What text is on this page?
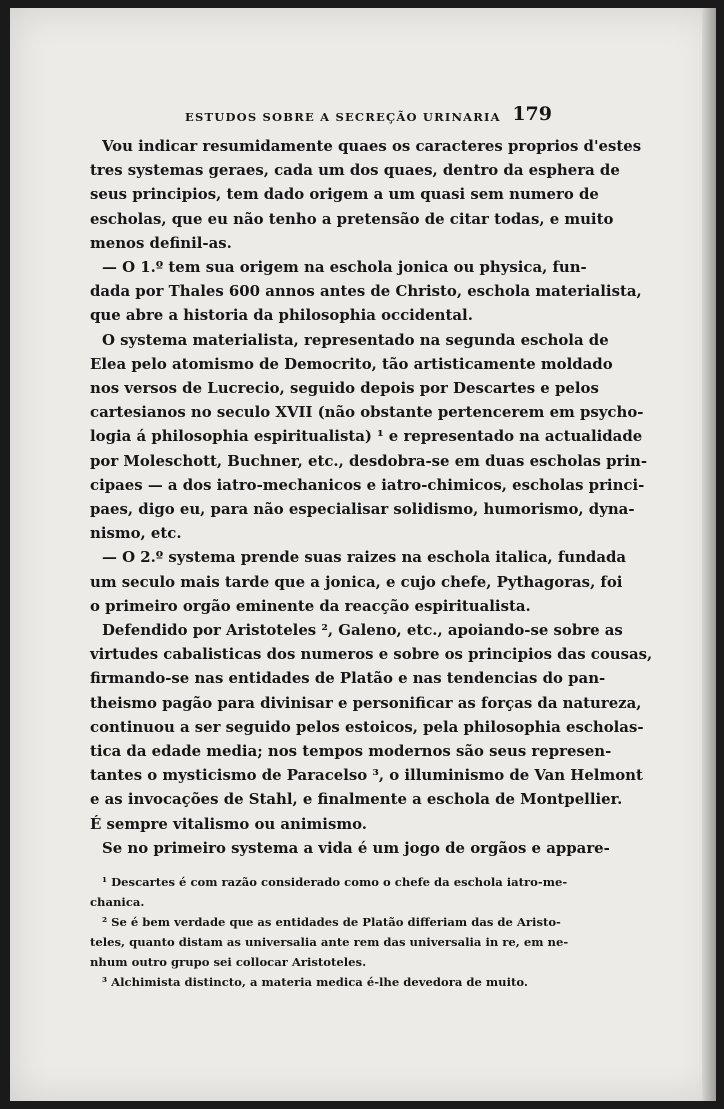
ESTUDOS SOBRE A SECREÇÃO URINARIA 179
Vou indicar resumidamente quaes os caracteres proprios d'estes
tres systemas geraes, cada um dos quaes, dentro da esphera de
seus principios, tem dado origem a um quasi sem numero de
escholas, que eu não tenho a pretensão de citar todas, e muito
menos definil-as.
— O 1.º tem sua origem na eschola jonica ou physica, fun-
dada por Thales 600 annos antes de Christo, eschola materialista,
que abre a historia da philosophia occidental.
O systema materialista, representado na segunda eschola de
Elea pelo atomismo de Democrito, tão artisticamente moldado
nos versos de Lucrecio, seguido depois por Descartes e pelos
cartesianos no seculo XVII (não obstante pertencerem em psycho-
logia á philosophia espiritualista) ¹ e representado na actualidade
por Moleschott, Buchner, etc., desdobra-se em duas escholas prin-
cipaes — a dos iatro-mechanicos e iatro-chimicos, escholas princi-
paes, digo eu, para não especialisar solidismo, humorismo, dyna-
nismo, etc.
— O 2.º systema prende suas raizes na eschola italica, fundada
um seculo mais tarde que a jonica, e cujo chefe, Pythagoras, foi
o primeiro orgão eminente da reacção espiritualista.
Defendido por Aristoteles ², Galeno, etc., apoiando-se sobre as
virtudes cabalisticas dos numeros e sobre os principios das cousas,
firmando-se nas entidades de Platão e nas tendencias do pan-
theismo pagão para divinisar e personificar as forças da natureza,
continuou a ser seguido pelos estoicos, pela philosophia escholas-
tica da edade media; nos tempos modernos são seus represen-
tantes o mysticismo de Paracelso ³, o illuminismo de Van Helmont
e as invocações de Stahl, e finalmente a eschola de Montpellier.
É sempre vitalismo ou animismo.
Se no primeiro systema a vida é um jogo de orgãos e appare-
¹ Descartes é com razão considerado como o chefe da eschola iatro-me-
chanica.
² Se é bem verdade que as entidades de Platão differiam das de Aristo-
teles, quanto distam as universalia ante rem das universalia in re, em ne-
nhum outro grupo sei collocar Aristoteles.
³ Alchimista distincto, a materia medica é-lhe devedora de muito.
